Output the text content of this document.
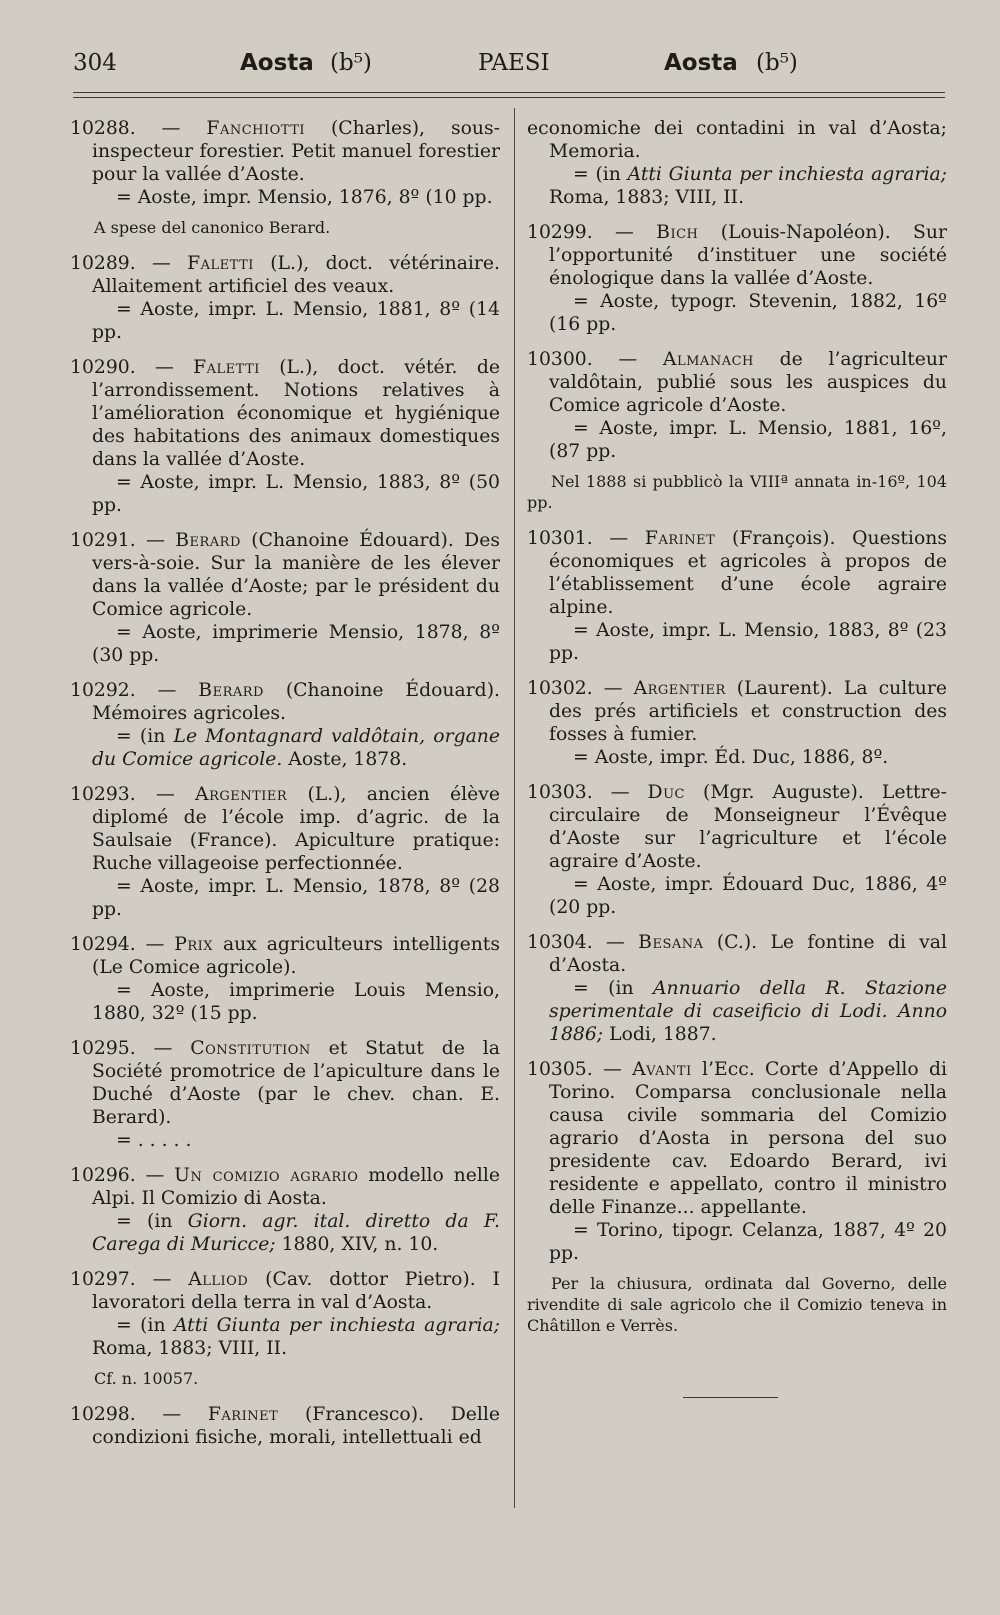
304	Aosta (b⁵)	PAESI	Aosta (b⁵)

10288. — Fanchiotti (Charles), sous-inspecteur forestier. Petit manuel forestier pour la vallée d’Aoste.

= Aoste, impr. Mensio, 1876, 8º (10 pp.

A spese del canonico Berard.

10289. — Faletti (L.), doct. vétérinaire. Allaitement artificiel des veaux.

= Aoste, impr. L. Mensio, 1881, 8º (14 pp.

10290. — Faletti (L.), doct. vétér. de l’arrondissement. Notions relatives à l’amélioration économique et hygiénique des habitations des animaux domestiques dans la vallée d’Aoste.

= Aoste, impr. L. Mensio, 1883, 8º (50 pp.

10291. — Berard (Chanoine Édouard). Des vers-à-soie. Sur la manière de les élever dans la vallée d’Aoste; par le président du Comice agricole.

= Aoste, imprimerie Mensio, 1878, 8º (30 pp.

10292. — Berard (Chanoine Édouard). Mémoires agricoles.

= (in Le Montagnard valdôtain, organe du Comice agricole. Aoste, 1878.

10293. — Argentier (L.), ancien élève diplomé de l’école imp. d’agric. de la Saulsaie (France). Apiculture pratique: Ruche villageoise perfectionnée.

= Aoste, impr. L. Mensio, 1878, 8º (28 pp.

10294. — Prix aux agriculteurs intelligents (Le Comice agricole).

= Aoste, imprimerie Louis Mensio, 1880, 32º (15 pp.

10295. — Constitution et Statut de la Société promotrice de l’apiculture dans le Duché d’Aoste (par le chev. chan. E. Berard).

= . . . . .

10296. — Un comizio agrario modello nelle Alpi. Il Comizio di Aosta.

= (in Giorn. agr. ital. diretto da F. Carega di Muricce; 1880, XIV, n. 10.

10297. — Alliod (Cav. dottor Pietro). I lavoratori della terra in val d’Aosta.

= (in Atti Giunta per inchiesta agraria; Roma, 1883; VIII, II.

Cf. n. 10057.

10298. — Farinet (Francesco). Delle condizioni fisiche, morali, intellettuali ed

economiche dei contadini in val d’Aosta; Memoria.

= (in Atti Giunta per inchiesta agraria; Roma, 1883; VIII, II.

10299. — Bich (Louis-Napoléon). Sur l’opportunité d’instituer une société énologique dans la vallée d’Aoste.

= Aoste, typogr. Stevenin, 1882, 16º (16 pp.

10300. — Almanach de l’agriculteur valdôtain, publié sous les auspices du Comice agricole d’Aoste.

= Aoste, impr. L. Mensio, 1881, 16º, (87 pp.

Nel 1888 si pubblicò la VIIIª annata in-16º, 104 pp.

10301. — Farinet (François). Questions économiques et agricoles à propos de l’établissement d’une école agraire alpine.

= Aoste, impr. L. Mensio, 1883, 8º (23 pp.

10302. — Argentier (Laurent). La culture des prés artificiels et construction des fosses à fumier.

= Aoste, impr. Éd. Duc, 1886, 8º.

10303. — Duc (Mgr. Auguste). Lettre-circulaire de Monseigneur l’Évêque d’Aoste sur l’agriculture et l’école agraire d’Aoste.

= Aoste, impr. Édouard Duc, 1886, 4º (20 pp.

10304. — Besana (C.). Le fontine di val d’Aosta.

= (in Annuario della R. Stazione sperimentale di caseificio di Lodi. Anno 1886; Lodi, 1887.

10305. — Avanti l’Ecc. Corte d’Appello di Torino. Comparsa conclusionale nella causa civile sommaria del Comizio agrario d’Aosta in persona del suo presidente cav. Edoardo Berard, ivi residente e appellato, contro il ministro delle Finanze... appellante.

= Torino, tipogr. Celanza, 1887, 4º 20 pp.

Per la chiusura, ordinata dal Governo, delle rivendite di sale agricolo che il Comizio teneva in Châtillon e Verrès.
